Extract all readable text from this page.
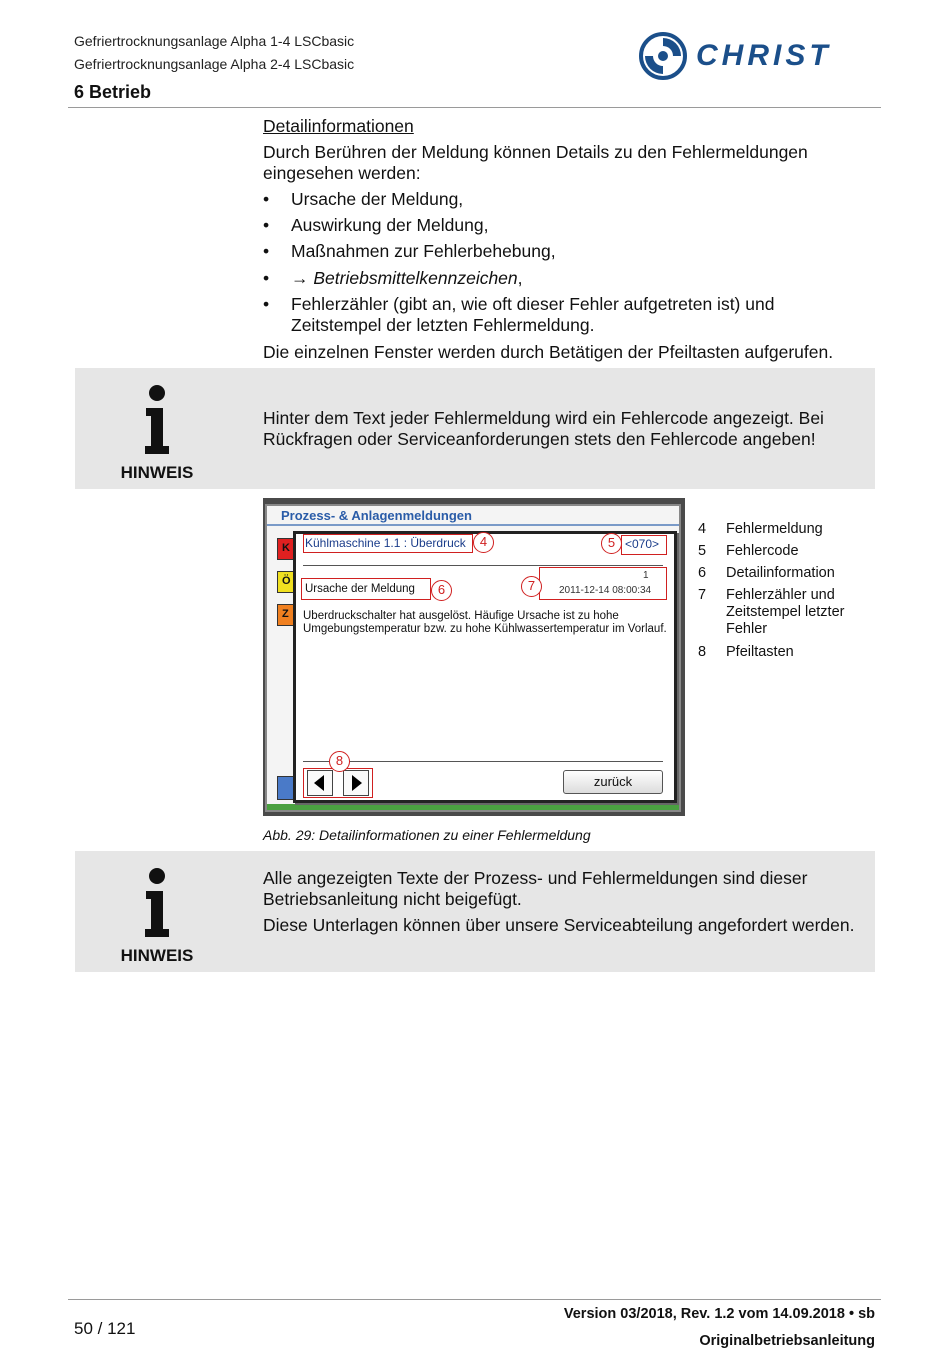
Gefriertrocknungsanlage Alpha 1-4 LSCbasic
Gefriertrocknungsanlage Alpha 2-4 LSCbasic
6 Betrieb
CHRIST
Detailinformationen
Durch Berühren der Meldung können Details zu den Fehlermeldungen eingesehen werden:
• Ursache der Meldung,
• Auswirkung der Meldung,
• Maßnahmen zur Fehlerbehebung,
• → Betriebsmittelkennzeichen,
• Fehlerzähler (gibt an, wie oft dieser Fehler aufgetreten ist) und Zeitstempel der letzten Fehlermeldung.
Die einzelnen Fenster werden durch Betätigen der Pfeiltasten aufgerufen.
HINWEIS
Hinter dem Text jeder Fehlermeldung wird ein Fehlercode angezeigt. Bei Rückfragen oder Serviceanforderungen stets den Fehlercode angeben!
Prozess- & Anlagenmeldungen
K
Ö
Z
Kühlmaschine 1.1 : Überdruck	<070>
Ursache der Meldung
1
2011-12-14 08:00:34
Überdruckschalter hat ausgelöst. Häufige Ursache ist zu hohe Umgebungstemperatur bzw. zu hohe Kühlwassertemperatur im Vorlauf.
zurück
4	5
6	7
8
4	Fehlermeldung
5	Fehlercode
6	Detailinformation
7	Fehlerzähler und Zeitstempel letzter Fehler
8	Pfeiltasten
Abb. 29: Detailinformationen zu einer Fehlermeldung
HINWEIS
Alle angezeigten Texte der Prozess- und Fehlermeldungen sind dieser Betriebsanleitung nicht beigefügt.
Diese Unterlagen können über unsere Serviceabteilung angefordert werden.
50 / 121
Version 03/2018, Rev. 1.2 vom 14.09.2018 • sb
Originalbetriebsanleitung
